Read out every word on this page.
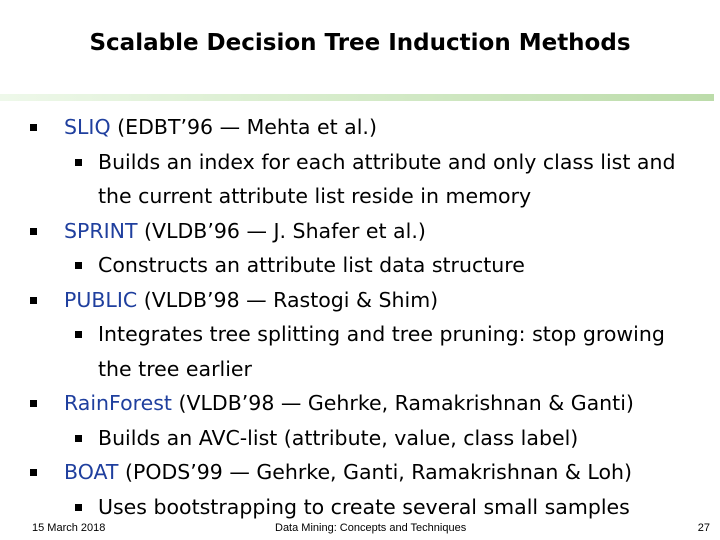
Scalable Decision Tree Induction Methods
SLIQ (EDBT’96 — Mehta et al.)
Builds an index for each attribute and only class list and
the current attribute list reside in memory
SPRINT (VLDB’96 — J. Shafer et al.)
Constructs an attribute list data structure
PUBLIC (VLDB’98 — Rastogi & Shim)
Integrates tree splitting and tree pruning: stop growing
the tree earlier
RainForest (VLDB’98 — Gehrke, Ramakrishnan & Ganti)
Builds an AVC-list (attribute, value, class label)
BOAT (PODS’99 — Gehrke, Ganti, Ramakrishnan & Loh)
Uses bootstrapping to create several small samples
15 March 2018	Data Mining: Concepts and Techniques	27
